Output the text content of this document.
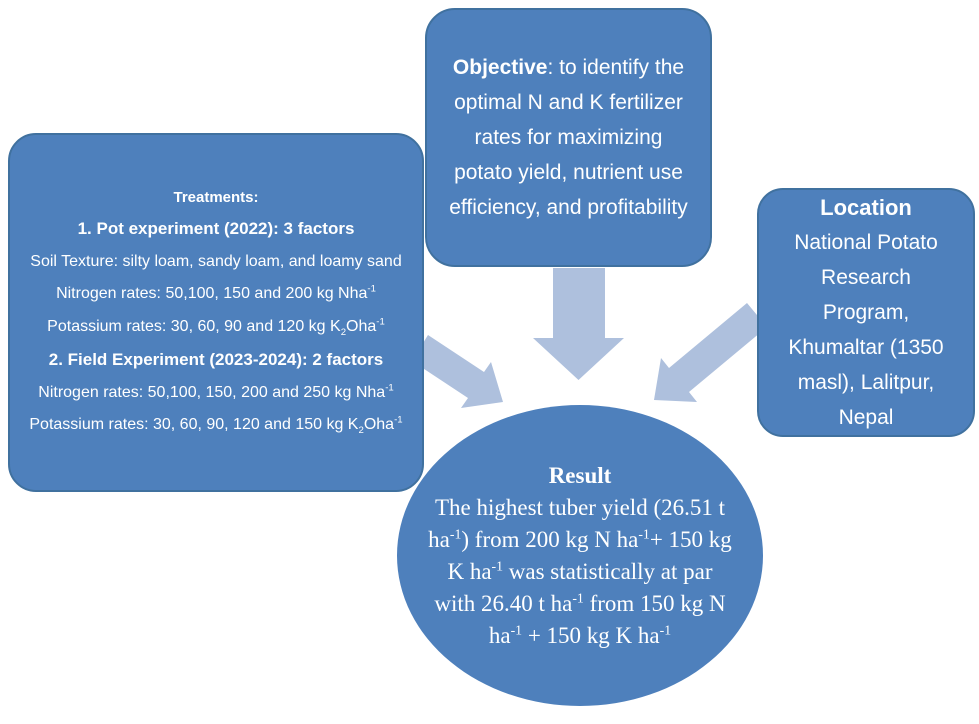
Objective: to identify the optimal N and K fertilizer rates for maximizing potato yield, nutrient use efficiency, and profitability

Treatments:

1. Pot experiment (2022): 3 factors

Soil Texture: silty loam, sandy loam, and loamy sand

Nitrogen rates: 50,100, 150 and 200 kg Nha$^{-1}$

Potassium rates: 30, 60, 90 and 120 kg $K_2Oha^{-1}$

2. Field Experiment (2023-2024): 2 factors

Nitrogen rates: 50,100, 150, 200 and 250 kg Nha$^{-1}$

Potassium rates: 30, 60, 90, 120 and 150 kg $K_2Oha^{-1}$

Location

National Potato Research Program, Khumaltar (1350 masl), Lalitpur, Nepal

Result

The highest tuber yield (26.51 t $ha^{-1}$) from 200 kg N $ha^{-1}+ 150$ kg K $ha^{-1}$ was statistically at par with 26.40 t $ha^{-1}$ from 150 kg N $ha^{-1} + 150$ kg K $ha^{-1}$
